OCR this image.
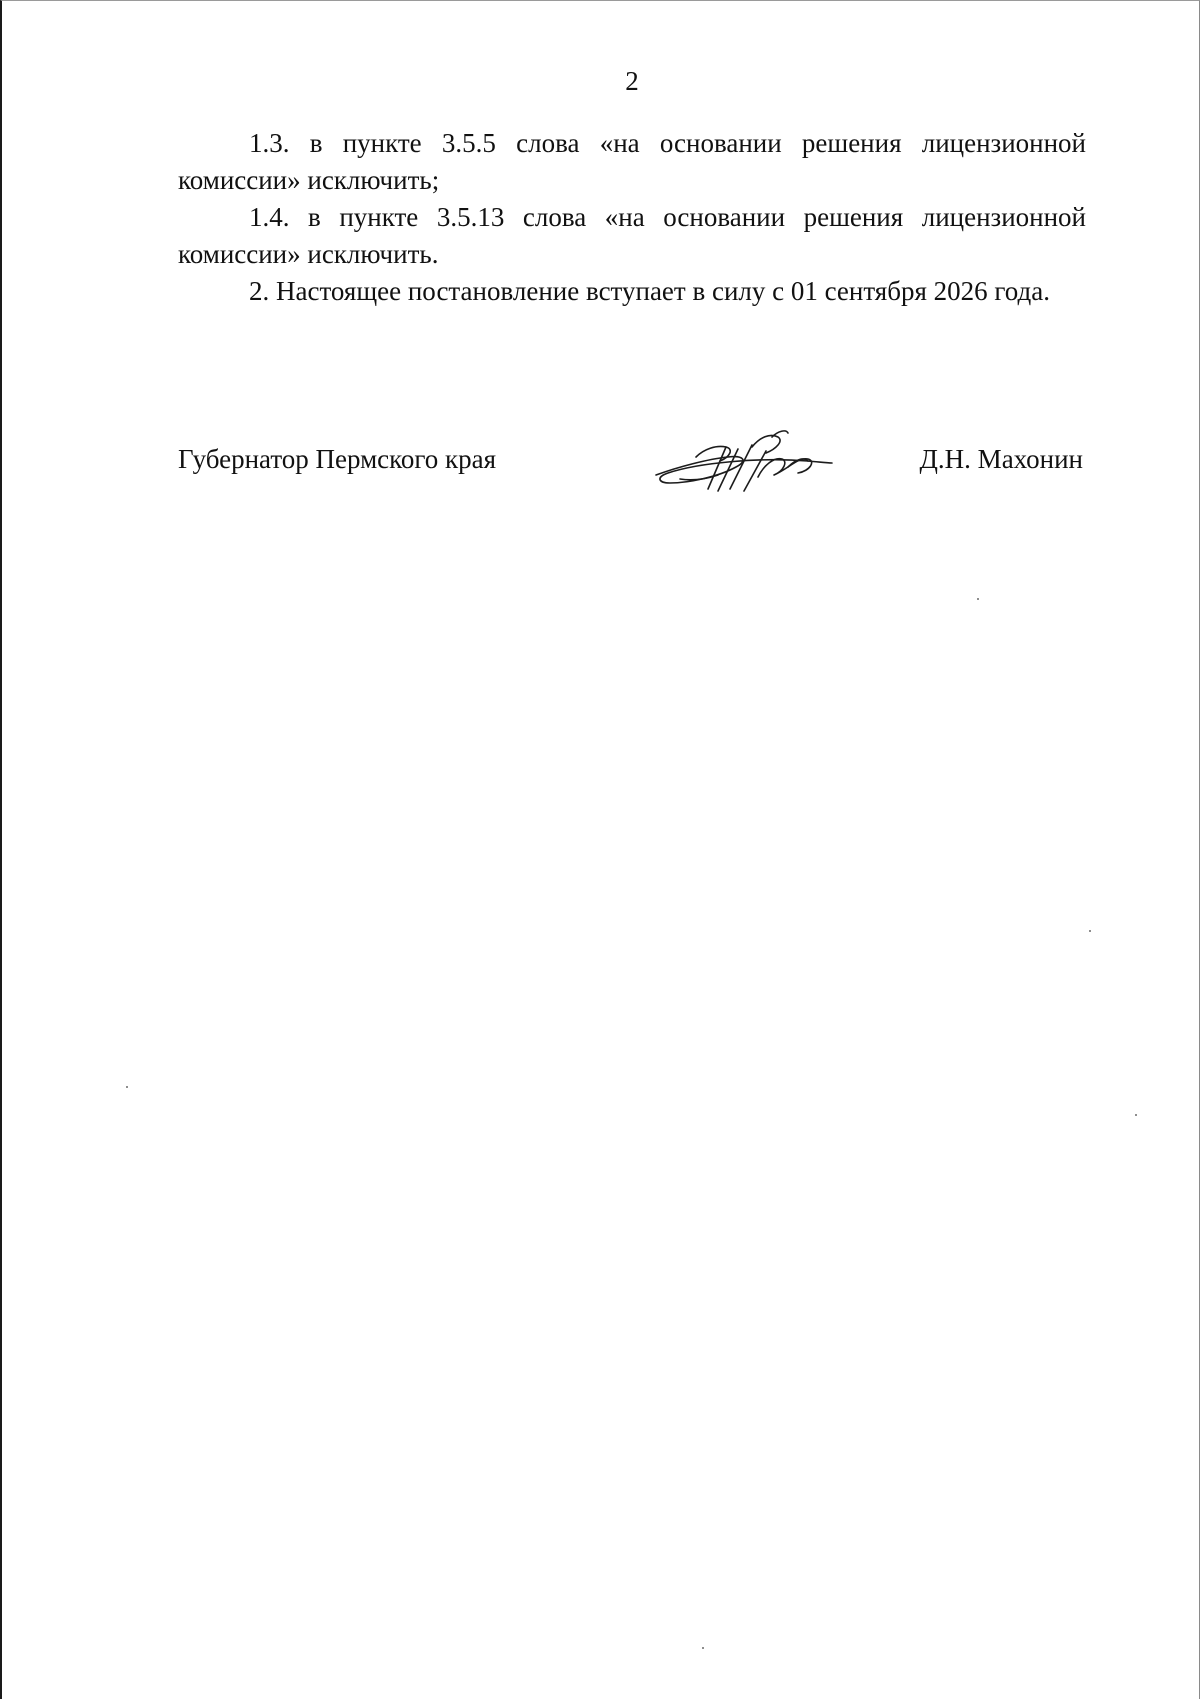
2

1.3. в пункте 3.5.5 слова «на основании решения лицензионной комиссии» исключить;

1.4. в пункте 3.5.13 слова «на основании решения лицензионной комиссии» исключить.

2. Настоящее постановление вступает в силу с 01 сентября 2026 года.

Губернатор Пермского края	Д.Н. Махонин
